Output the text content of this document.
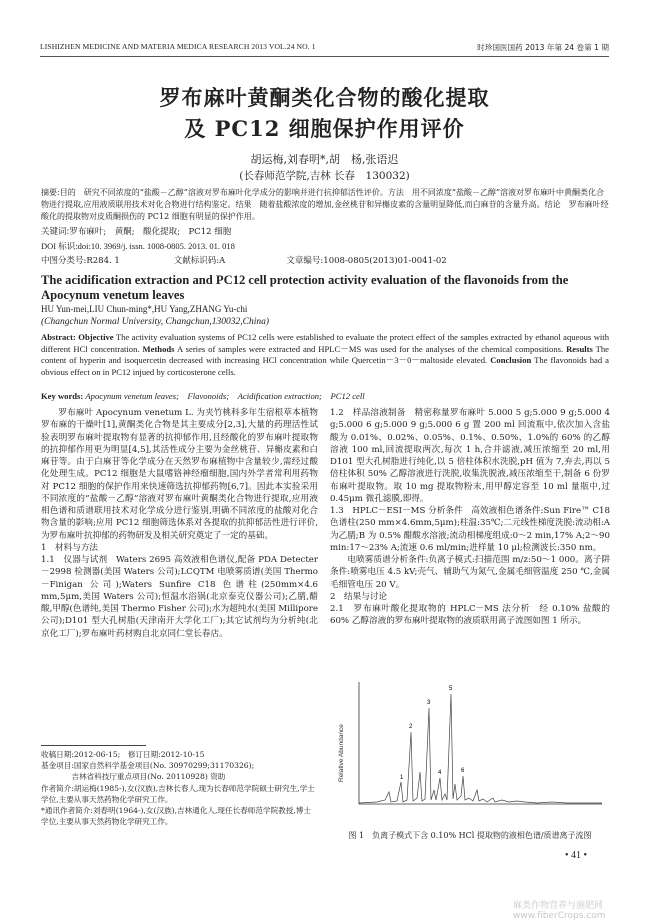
LISHIZHEN MEDICINE AND MATERIA MEDICA RESEARCH 2013 VOL.24 NO. 1	时珍国医国药 2013 年第 24 卷第 1 期
罗布麻叶黄酮类化合物的酸化提取
及 PC12 细胞保护作用评价
胡运梅,刘春明*,胡　杨,张语迟
(长春师范学院,吉林 长春　130032)
摘要:目的　研究不同浓度的“盐酸－乙醇”溶液对罗布麻叶化学成分的影响并进行抗抑郁活性评价。方法　用不同浓度“盐酸－乙醇”溶液对罗布麻叶中黄酮类化合物进行提取,应用液质联用技术对化合物进行结构鉴定。结果　随着盐酸浓度的增加,金丝桃苷和异槲皮素的含量明显降低,而白麻苷的含量升高。结论　罗布麻叶经酸化的提取物对皮质酮损伤的 PC12 细胞有明显的保护作用。
关键词:罗布麻叶;　黄酮;　酸化提取;　PC12 细胞
DOI 标识:doi:10. 3969/j. issn. 1008-0805. 2013. 01. 018
中图分类号:R284. 1	文献标识码:A	文章编号:1008-0805(2013)01-0041-02
The acidification extraction and PC12 cell protection activity evaluation of the flavonoids from the Apocynum venetum leaves
HU Yun-mei,LIU Chun-ming*,HU Yang,ZHANG Yu-chi
(Changchun Normal University, Changchun,130032,China)
Abstract: Objective The activity evaluation systems of PC12 cells were established to evaluate the protect effect of the samples extracted by ethanol aqueous with different HCl concentration. Methods A series of samples were extracted and HPLC－MS was used for the analyses of the chemical compositions. Results The content of hyperin and isoquercetin decreased with increasing HCl concentration while Quercetin－3－0－maltoside elevated. Conclusion The flavonoids had a obvious effect on in PC12 injued by corticosterone cells.
Key words: Apocynum venetum leaves;　Flavonoids;　Acidification extraction;　PC12 cell

　　罗布麻叶 Apocynum venetum L. 为夹竹桃科多年生宿根草本植物罗布麻的干燥叶[1],黄酮类化合物是其主要成分[2,3],大量的药理活性试验表明罗布麻叶提取物有显著的抗抑郁作用,且经酸化的罗布麻叶提取物的抗抑郁作用更为明显[4,5],其活性成分主要为金丝桃苷、异槲皮素和白麻苷等。由于白麻苷等化学成分在天然罗布麻植物中含量较少,需经过酸化处理生成。PC12 细胞是大鼠嗜铬神经瘤细胞,国内外学者常利用药物对 PC12 细胞的保护作用来快速筛选抗抑郁药物[6,7]。因此本实验采用不同浓度的“盐酸－乙醇”溶液对罗布麻叶黄酮类化合物进行提取,应用液相色谱和质谱联用技术对化学成分进行鉴别,明确不同浓度的盐酸对化合物含量的影响;应用 PC12 细胞筛选体系对各提取的抗抑郁活性进行评价,为罗布麻叶抗抑郁的药物研发及相关研究奠定了一定的基础。

1　材料与方法

1.1　仪器与试剂　Waters 2695 高效液相色谱仪,配备 PDA Detecter－2998 检测器(美国 Waters 公司);LCQTM 电喷雾质谱(美国 Thermo－Finigan 公司);Waters Sunfire C18 色谱柱(250mm×4.6 mm,5μm,美国 Waters 公司);恒温水浴锅(北京泰克仪器公司);乙腈,醋酸,甲醇(色谱纯,美国 Thermo Fisher 公司);水为超纯水(美国 Millipore 公司);D101 型大孔树脂(天津南开大学化工厂);其它试剂均为分析纯(北京化工厂);罗布麻叶药材购自北京同仁堂长春店。

1.2　样品溶液制备　精密称量罗布麻叶 5.000 5 g;5.000 9 g;5.000 4 g;5.000 6 g;5.000 9 g;5.000 6 g 置 200 ml 回流瓶中,依次加入含盐酸为 0.01%、0.02%、0.05%、0.1%、0.50%、1.0%的 60% 的乙醇溶液 100 ml,回流提取两次,每次 1 h,合并滤液,减压浓缩至 20 ml,用 D101 型大孔树脂进行纯化,以 5 倍柱体积水洗脱,pH 值为 7,弃去,再以 5 倍柱体积 50% 乙醇溶液进行洗脱,收集洗脱液,减压浓缩至干,制备 6 份罗布麻叶提取物。取 10 mg 提取物粉末,用甲醇定容至 10 ml 量瓶中,过 0.45μm 微孔滤膜,即得。

1.3　HPLC－ESI－MS 分析条件　高效液相色谱条件:Sun Fire™ C18 色谱柱(250 mm×4.6mm,5μm);柱温:35℃;二元线性梯度洗脱:流动相:A 为乙腈;B 为 0.5% 醋酸水溶液;流动相梯度组成:0～2 min,17% A;2～90 min:17～23% A;流速 0.6 ml/min;进样量 10 μl;检测波长:350 nm。

　　电喷雾质谱分析条件:负离子模式:扫描范围 m/z:50～1 000。离子阱条件:喷雾电压 4.5 kV;壳气、辅助气为氮气,金属毛细管温度 250 ℃,金属毛细管电压 20 V。

2　结果与讨论

2.1　罗布麻叶酸化提取物的 HPLC－MS 法分析　经 0.10% 盐酸的60% 乙醇溶液的罗布麻叶提取物的液质联用离子流图如图 1 所示。

收稿日期:2012-06-15;　修订日期:2012-10-15

基金项目:国家自然科学基金项目(No. 30970299;31170326);

　　　　吉林省科技厅重点项目(No. 20110928) 资助

作者简介:胡运梅(1985-),女(汉族),吉林长春人,现为长春师范学院硕士研究生,学士学位,主要从事天然药物化学研究工作。

*通讯作者简介:刘春明(1964-),女(汉族),吉林通化人,现任长春师范学院教授,博士学位,主要从事天然药物化学研究工作。

Relative Abundance	1
2
3
4
5
6
图 1　负离子模式下含 0.10% HCl 提取物的液相色谱/质谱离子流图
• 41 •
麻类作物营养与施肥网 www.fiberCrops.com
